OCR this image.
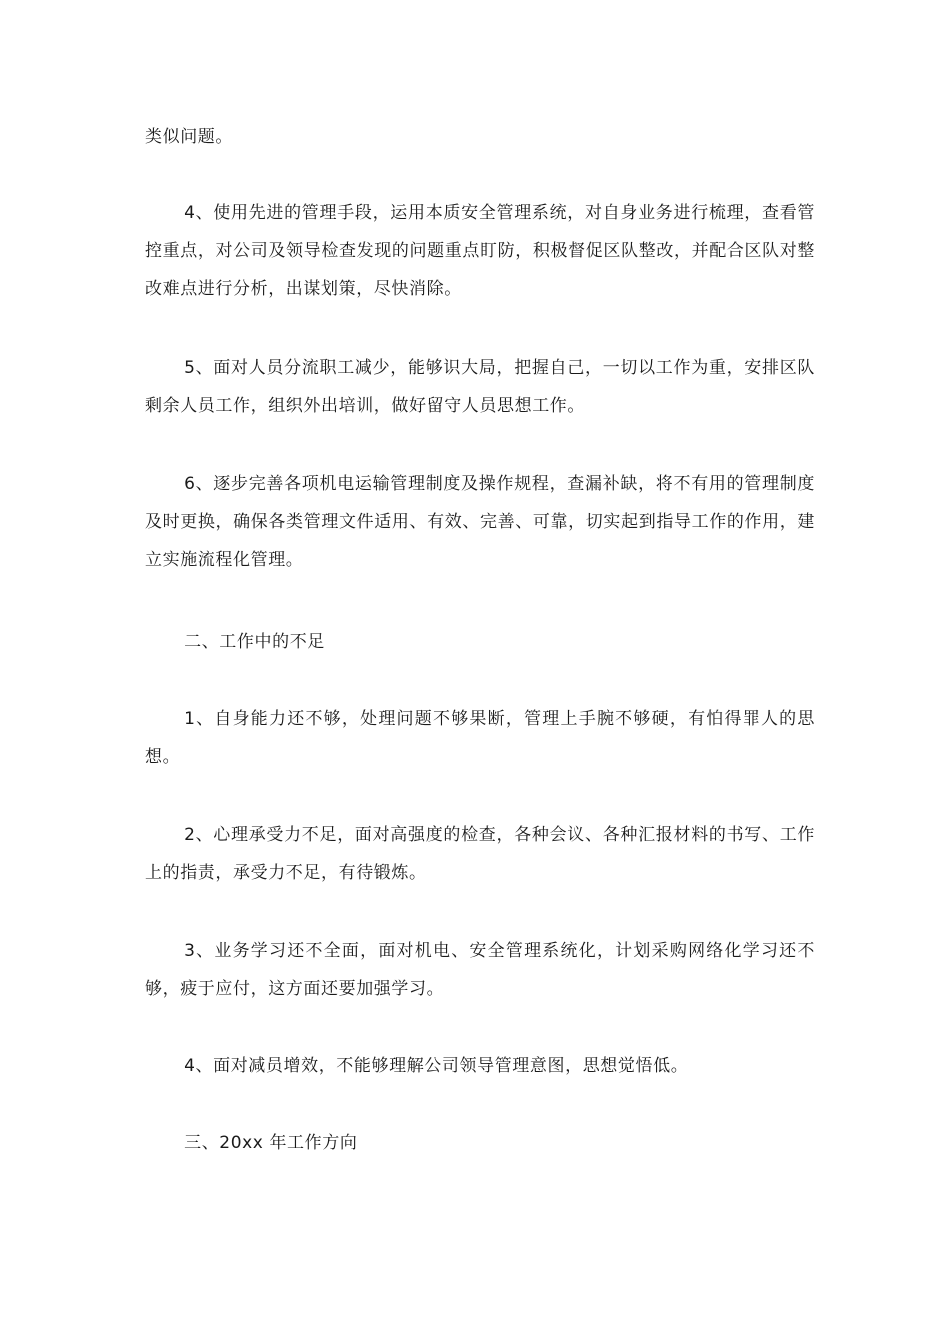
类似问题。

4、使用先进的管理手段，运用本质安全管理系统，对自身业务进行梳理，查看管控重点，对公司及领导检查发现的问题重点盯防，积极督促区队整改，并配合区队对整改难点进行分析，出谋划策，尽快消除。

5、面对人员分流职工减少，能够识大局，把握自己，一切以工作为重，安排区队剩余人员工作，组织外出培训，做好留守人员思想工作。

6、逐步完善各项机电运输管理制度及操作规程，查漏补缺，将不有用的管理制度及时更换，确保各类管理文件适用、有效、完善、可靠，切实起到指导工作的作用，建立实施流程化管理。

二、工作中的不足

1、自身能力还不够，处理问题不够果断，管理上手腕不够硬，有怕得罪人的思想。

2、心理承受力不足，面对高强度的检查，各种会议、各种汇报材料的书写、工作上的指责，承受力不足，有待锻炼。

3、业务学习还不全面，面对机电、安全管理系统化，计划采购网络化学习还不够，疲于应付，这方面还要加强学习。

4、面对减员增效，不能够理解公司领导管理意图，思想觉悟低。

三、20xx 年工作方向
